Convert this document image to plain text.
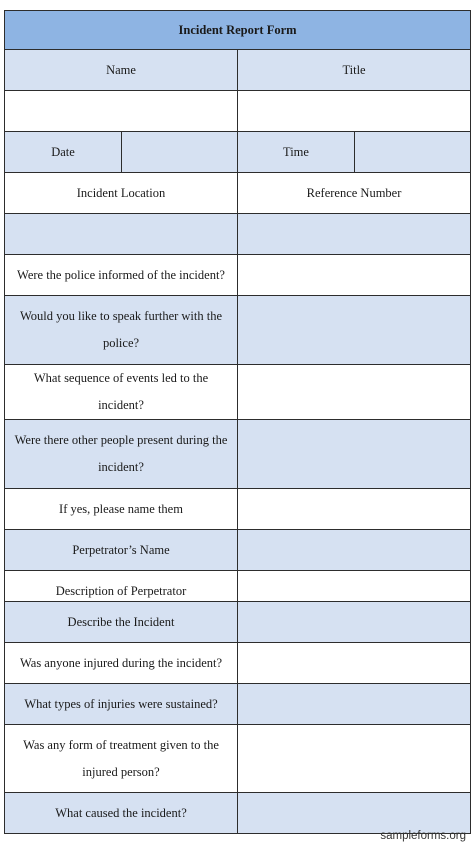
Incident Report Form			
Name		Title	

Date		Time	
Incident Location		Reference Number	

Were the police informed of the incident?			
Would you like to speak further with the police?			
What sequence of events led to the incident?			
Were there other people present during the incident?			
If yes, please name them			
Perpetrator’s Name			
Description of Perpetrator			
Describe the Incident	
Was anyone injured during the incident?	
What types of injuries were sustained?	
Was any form of treatment given to the injured person?	
What caused the incident?	
sampleforms.org
